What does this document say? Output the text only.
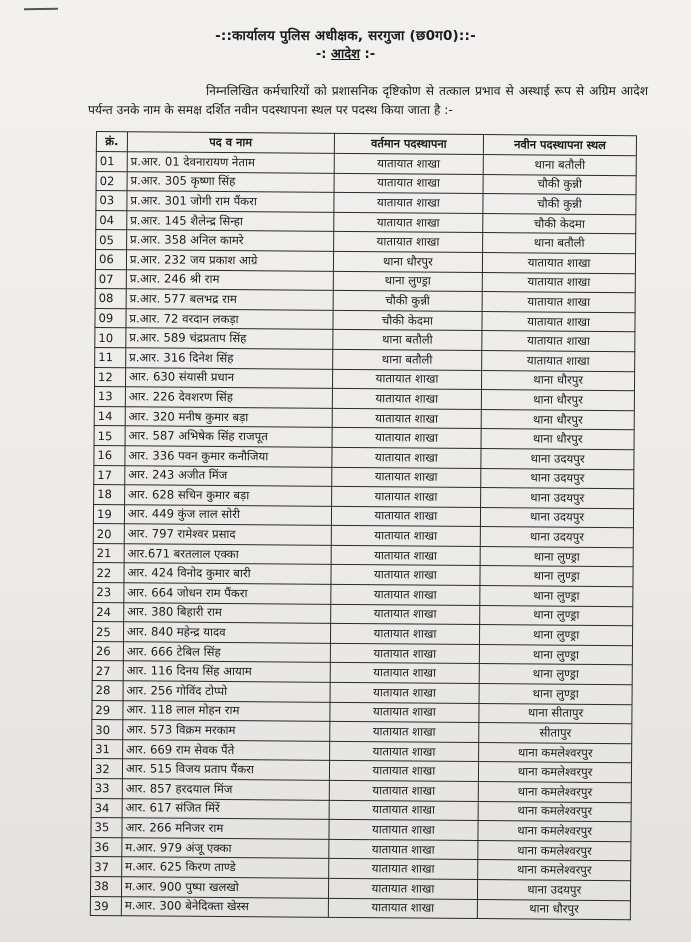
-::कार्यालय पुलिस अधीक्षक, सरगुजा (छ0ग0)::-
-: आदेश :-
निम्नलिखित कर्मचारियों को प्रशासनिक दृष्टिकोण से तत्काल प्रभाव से अस्थाई रूप से अग्रिम आदेश पर्यन्त उनके नाम के समक्ष दर्शित नवीन पदस्थापना स्थल पर पदस्थ किया जाता है :-
क्रं.	पद व नाम	वर्तमान पदस्थापना	नवीन पदस्थापना स्थल
01	प्र.आर. 01 देवनारायण नेताम	यातायात शाखा	थाना बतौली
02	प्र.आर. 305 कृष्णा सिंह	यातायात शाखा	चौकी कुन्नी
03	प्र.आर. 301 जोगी राम पैंकरा	यातायात शाखा	चौकी कुन्नी
04	प्र.आर. 145 शैलेन्द्र सिन्हा	यातायात शाखा	चौकी केदमा
05	प्र.आर. 358 अनिल कामरे	यातायात शाखा	थाना बतौली
06	प्र.आर. 232 जय प्रकाश आग्रे	थाना धौरपुर	यातायात शाखा
07	प्र.आर. 246 श्री राम	थाना लुण्ड्रा	यातायात शाखा
08	प्र.आर. 577 बलभद्र राम	चौकी कुन्नी	यातायात शाखा
09	प्र.आर. 72 वरदान लकड़ा	चौकी केदमा	यातायात शाखा
10	प्र.आर. 589 चंद्रप्रताप सिंह	थाना बतौली	यातायात शाखा
11	प्र.आर. 316 दिनेश सिंह	थाना बतौली	यातायात शाखा
12	आर. 630 संयासी प्रधान	यातायात शाखा	थाना धौरपुर
13	आर. 226 देवशरण सिंह	यातायात शाखा	थाना धौरपुर
14	आर. 320 मनीष कुमार बड़ा	यातायात शाखा	थाना धौरपुर
15	आर. 587 अभिषेक सिंह राजपूत	यातायात शाखा	थाना धौरपुर
16	आर. 336 पवन कुमार कनौजिया	यातायात शाखा	थाना उदयपुर
17	आर. 243 अजीत मिंज	यातायात शाखा	थाना उदयपुर
18	आर. 628 सचिन कुमार बड़ा	यातायात शाखा	थाना उदयपुर
19	आर. 449 कुंज लाल सोरी	यातायात शाखा	थाना उदयपुर
20	आर. 797 रामेश्वर प्रसाद	यातायात शाखा	थाना उदयपुर
21	आर.671 बरतलाल एक्का	यातायात शाखा	थाना लुण्ड्रा
22	आर. 424 विनोद कुमार बारी	यातायात शाखा	थाना लुण्ड्रा
23	आर. 664 जोधन राम पैंकरा	यातायात शाखा	थाना लुण्ड्रा
24	आर. 380 बिहारी राम	यातायात शाखा	थाना लुण्ड्रा
25	आर. 840 महेन्द्र यादव	यातायात शाखा	थाना लुण्ड्रा
26	आर. 666 टेबिल सिंह	यातायात शाखा	थाना लुण्ड्रा
27	आर. 116 दिनय सिंह आयाम	यातायात शाखा	थाना लुण्ड्रा
28	आर. 256 गोविंद टोप्पो	यातायात शाखा	थाना लुण्ड्रा
29	आर. 118 लाल मोहन राम	यातायात शाखा	थाना सीतापुर
30	आर. 573 विक्रम मरकाम	यातायात शाखा	सीतापुर
31	आर. 669 राम सेवक पैंते	यातायात शाखा	थाना कमलेश्वरपुर
32	आर. 515 विजय प्रताप पैंकरा	यातायात शाखा	थाना कमलेश्वरपुर
33	आर. 857 हरदयाल मिंज	यातायात शाखा	थाना कमलेश्वरपुर
34	आर. 617 संजित मिंरें	यातायात शाखा	थाना कमलेश्वरपुर
35	आर. 266 मनिजर राम	यातायात शाखा	थाना कमलेश्वरपुर
36	म.आर. 979 अंजू एक्का	यातायात शाखा	थाना कमलेश्वरपुर
37	म.आर. 625 किरण ताण्डे	यातायात शाखा	थाना कमलेश्वरपुर
38	म.आर. 900 पुष्पा खलखो	यातायात शाखा	थाना उदयपुर
39	म.आर. 300 बेनेदिक्ता खेस्स	यातायात शाखा	थाना धौरपुर
